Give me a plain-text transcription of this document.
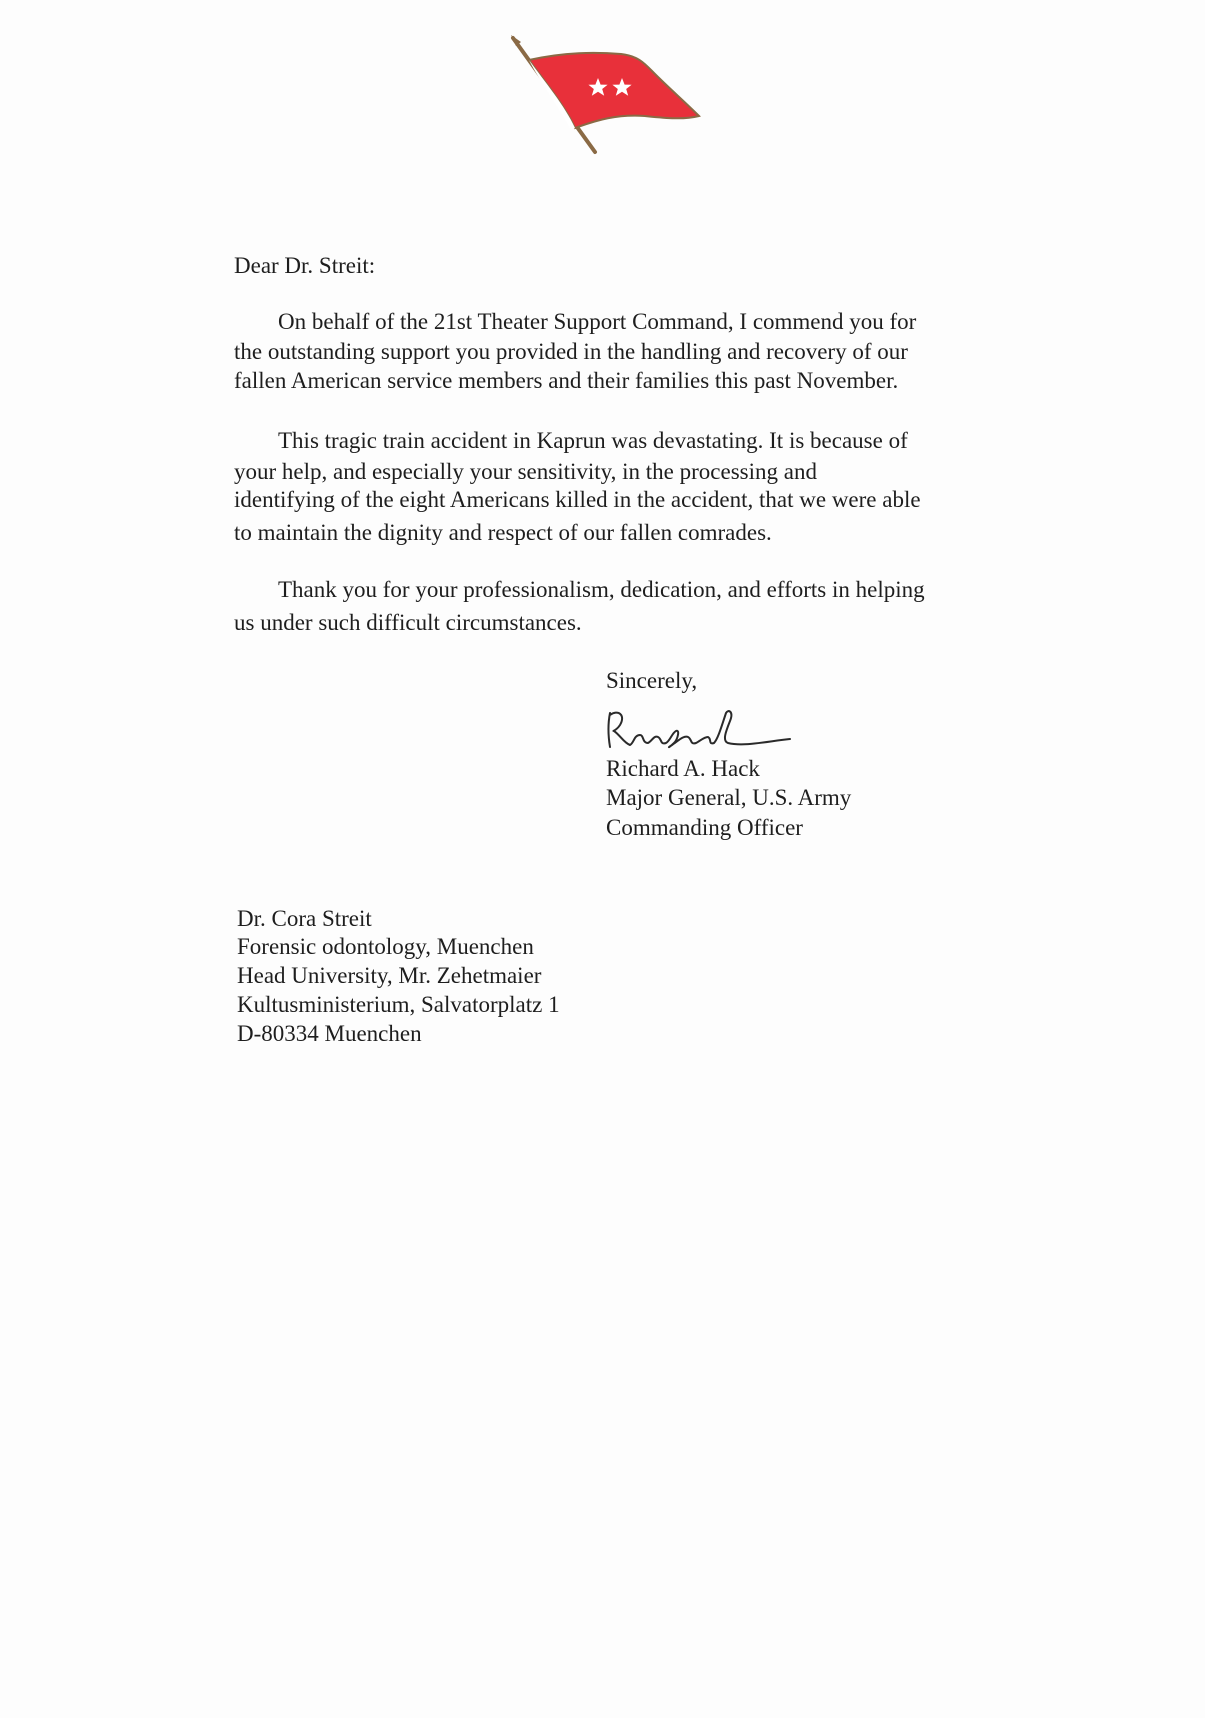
Dear Dr. Streit:
On behalf of the 21st Theater Support Command, I commend you for
the outstanding support you provided in the handling and recovery of our
fallen American service members and their families this past November.
This tragic train accident in Kaprun was devastating. It is because of
your help, and especially your sensitivity, in the processing and
identifying of the eight Americans killed in the accident, that we were able
to maintain the dignity and respect of our fallen comrades.
Thank you for your professionalism, dedication, and efforts in helping
us under such difficult circumstances.
Sincerely,
Richard A. Hack
Major General, U.S. Army
Commanding Officer
Dr. Cora Streit
Forensic odontology, Muenchen
Head University, Mr. Zehetmaier
Kultusministerium, Salvatorplatz 1
D-80334 Muenchen
